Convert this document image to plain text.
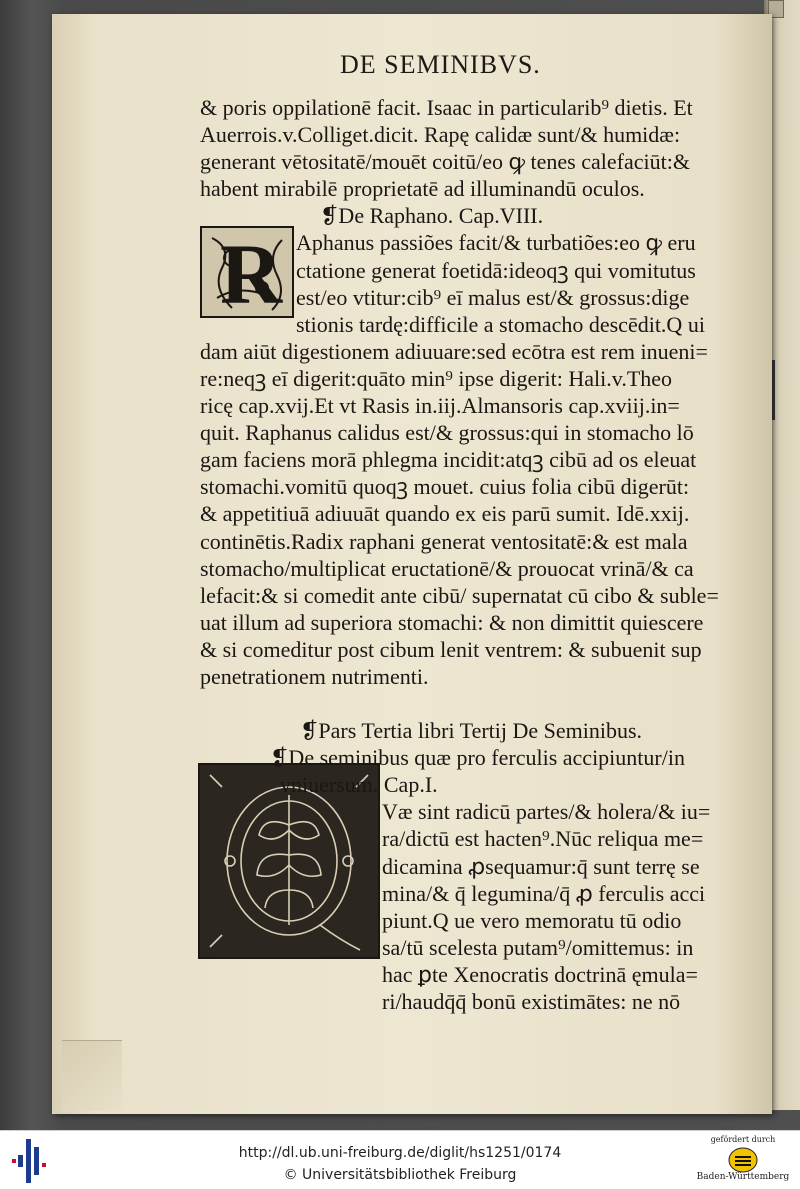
DE SEMINIBVS.
R
& poris oppilationē facit. Isaac in particularib⁹ dietis. Et
Auerrois.v.Colliget.dicit. Rapę calidæ sunt/& humidæ:
generant vētositatē/mouēt coitū/eo ꝙ tenes calefaciūt:&
habent mirabilē proprietatē ad illuminandū oculos.
❡De Raphano. Cap.VIII.
Aphanus passiões facit/& turbatiões:eo ꝙ eru
ctatione generat foetidā:ideoqꝫ qui vomitutus
est/eo vtitur:cib⁹ eī malus est/& grossus:dige
stionis tardę:difficile a stomacho descēdit.Q ui
dam aiūt digestionem adiuuare:sed ecōtra est rem inueni=
re:neqꝫ eī digerit:quāto min⁹ ipse digerit: Hali.v.Theo
ricę cap.xvij.Et vt Rasis in.iij.Almansoris cap.xviij.in=
quit. Raphanus calidus est/& grossus:qui in stomacho lō
gam faciens morā phlegma incidit:atqꝫ cibū ad os eleuat
stomachi.vomitū quoqꝫ mouet. cuius folia cibū digerūt:
& appetitiuā adiuuāt quando ex eis parū sumit. Idē.xxij.
continētis.Radix raphani generat ventositatē:& est mala
stomacho/multiplicat eructationē/& prouocat vrinā/& ca
lefacit:& si comedit ante cibū/ supernatat cū cibo & suble=
uat illum ad superiora stomachi: & non dimittit quiescere
& si comeditur post cibum lenit ventrem: & subuenit sup
penetrationem nutrimenti.
❡Pars Tertia libri Tertij De Seminibus.
❡De seminibus quæ pro ferculis accipiuntur/in
vniuersum. Cap.I.
Væ sint radicū partes/& holera/& iu=
ra/dictū est hacten⁹.Nūc reliqua me=
dicamina ꝓsequamur:q̄ sunt terrę se
mina/& q̄ legumina/q̄ ꝓ ferculis acci
piunt.Q ue vero memoratu tū odio
sa/tū scelesta putam⁹/omittemus: in
hac ꝑte Xenocratis doctrinā ęmula=
ri/haudq̄q̄ bonū existimātes: ne nō
http://dl.ub.uni-freiburg.de/diglit/hs1251/0174
© Universitätsbibliothek Freiburg
gefördert durch
Baden-Württemberg
